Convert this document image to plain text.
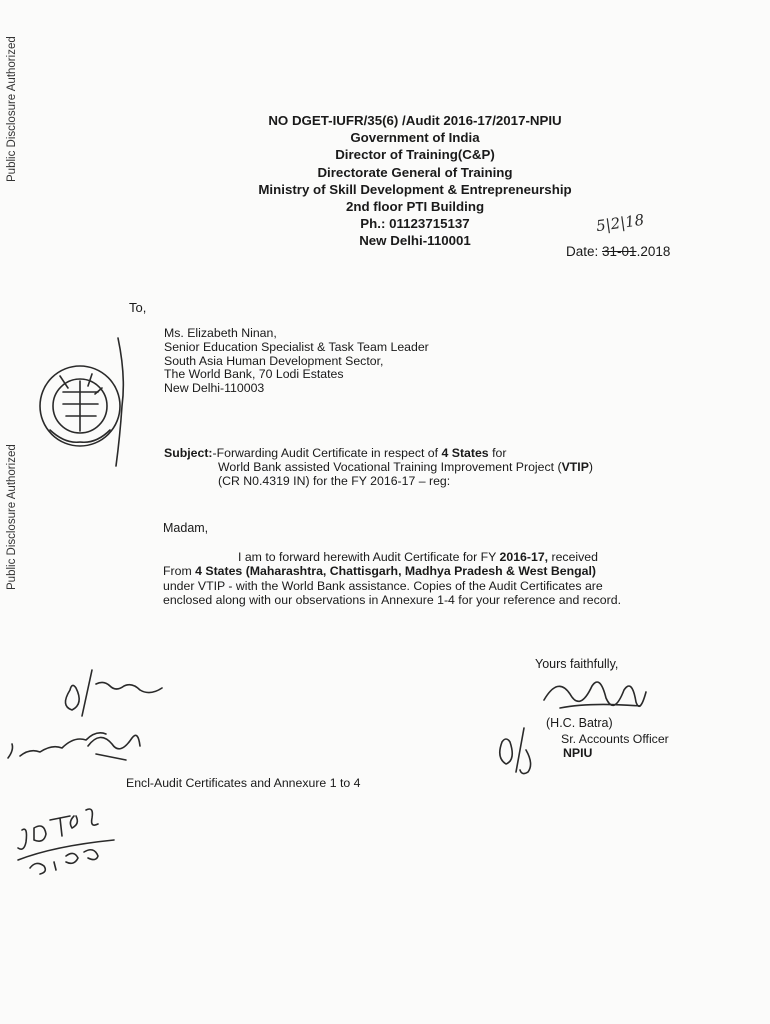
Public Disclosure Authorized
Public Disclosure Authorized
NO DGET-IUFR/35(6) /Audit 2016-17/2017-NPIU
Government of India
Director of Training(C&P)
Directorate General of Training
Ministry of Skill Development & Entrepreneurship
2nd floor PTI Building
Ph.: 01123715137
New Delhi-110001
5|2|18
Date: 31-01.2018
To,
Ms. Elizabeth Ninan,
Senior Education Specialist & Task Team Leader
South Asia Human Development Sector,
The World Bank, 70 Lodi Estates
New Delhi-110003
Subject:-Forwarding Audit Certificate in respect of 4 States for
World Bank assisted Vocational Training Improvement Project (VTIP)
(CR N0.4319 IN) for the FY 2016-17 – reg:
Madam,
I am to forward herewith Audit Certificate for FY 2016-17, received
From 4 States (Maharashtra, Chattisgarh, Madhya Pradesh & West Bengal)
under VTIP - with the World Bank assistance. Copies of the Audit Certificates are
enclosed along with our observations in Annexure 1-4 for your reference and record.
Yours faithfully,
(H.C. Batra)
Sr. Accounts Officer
NPIU
Encl-Audit Certificates and Annexure 1 to 4
